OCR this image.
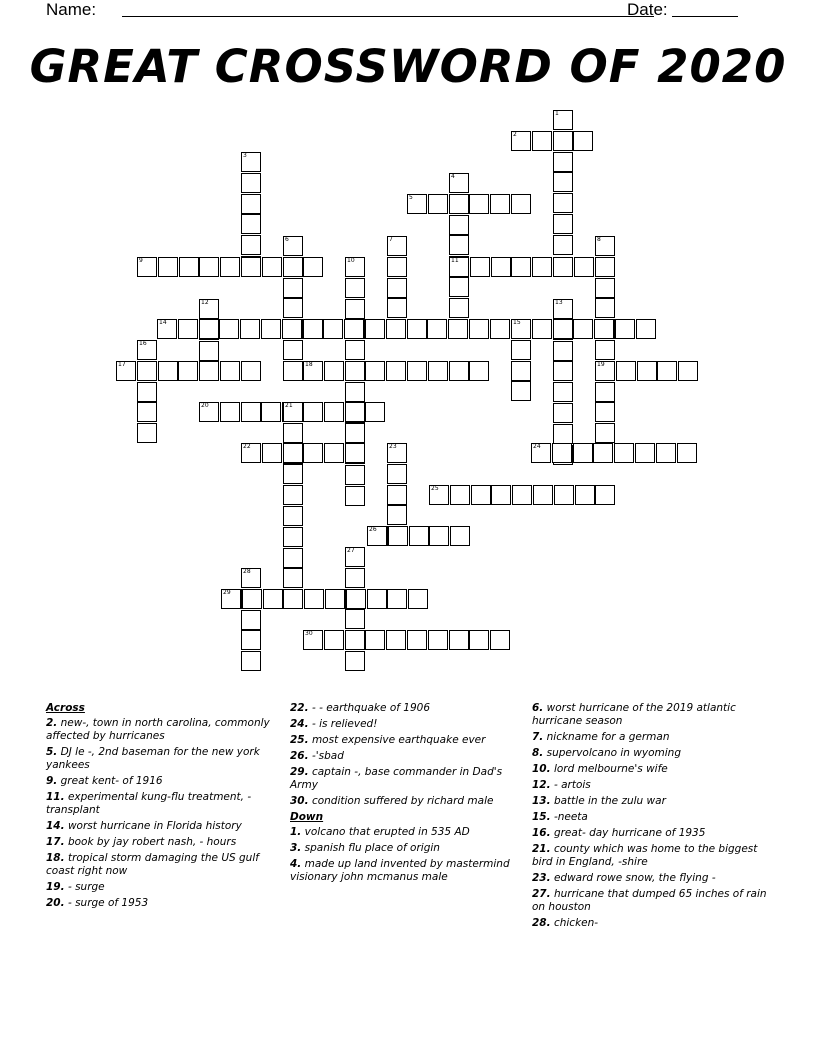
Name:	Date:
GREAT CROSSWORD OF 2020
1
2
3
4
5
6	7	8
19
9	10	11
12	13
14	15
16
17	18
20	21
22	23	24
25
26
27
28
29
30
Across
2. new-, town in north carolina, commonly affected by hurricanes
5. DJ le -, 2nd baseman for the new york yankees
9. great kent- of 1916
11. experimental kung-flu treatment, - transplant
14. worst hurricane in Florida history
17. book by jay robert nash, - hours
18. tropical storm damaging the US gulf coast right now
19. - surge
20. - surge of 1953
22. - - earthquake of 1906
24. - is relieved!
25. most expensive earthquake ever
26. -'sbad
29. captain -, base commander in Dad's Army
30. condition suffered by richard male
Down
1. volcano that erupted in 535 AD
3. spanish flu place of origin
4. made up land invented by mastermind visionary john mcmanus male
6. worst hurricane of the 2019 atlantic hurricane season
7. nickname for a german
8. supervolcano in wyoming
10. lord melbourne's wife
12. - artois
13. battle in the zulu war
15. -neeta
16. great- day hurricane of 1935
21. county which was home to the biggest bird in England, -shire
23. edward rowe snow, the flying -
27. hurricane that dumped 65 inches of rain on houston
28. chicken-
